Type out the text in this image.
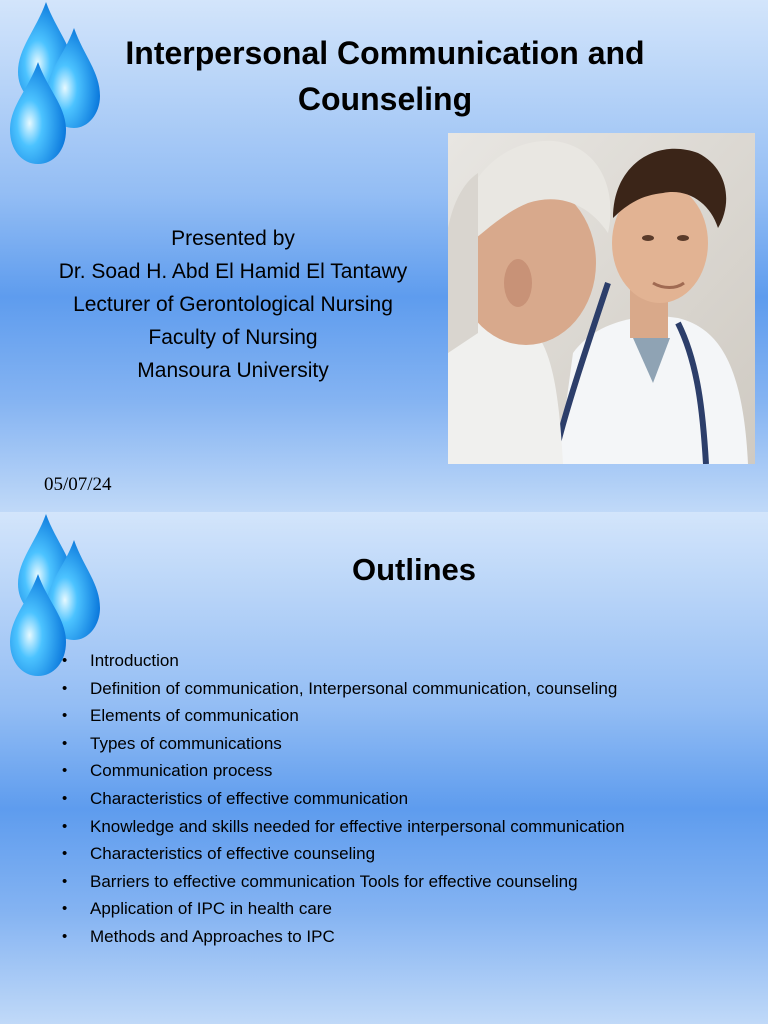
Interpersonal Communication and
Counseling
Presented by
Dr. Soad H. Abd El Hamid El Tantawy
Lecturer of Gerontological Nursing
Faculty of Nursing
Mansoura University
05/07/24
Outlines
•	Introduction
•	Definition of communication, Interpersonal communication, counseling
•	Elements of communication
•	Types of communications
•	Communication process
•	Characteristics of effective communication
•	Knowledge and skills needed for effective interpersonal communication
•	Characteristics of effective counseling
•	Barriers to effective communication Tools for effective counseling
•	Application of IPC in health care
•	Methods and Approaches to IPC
